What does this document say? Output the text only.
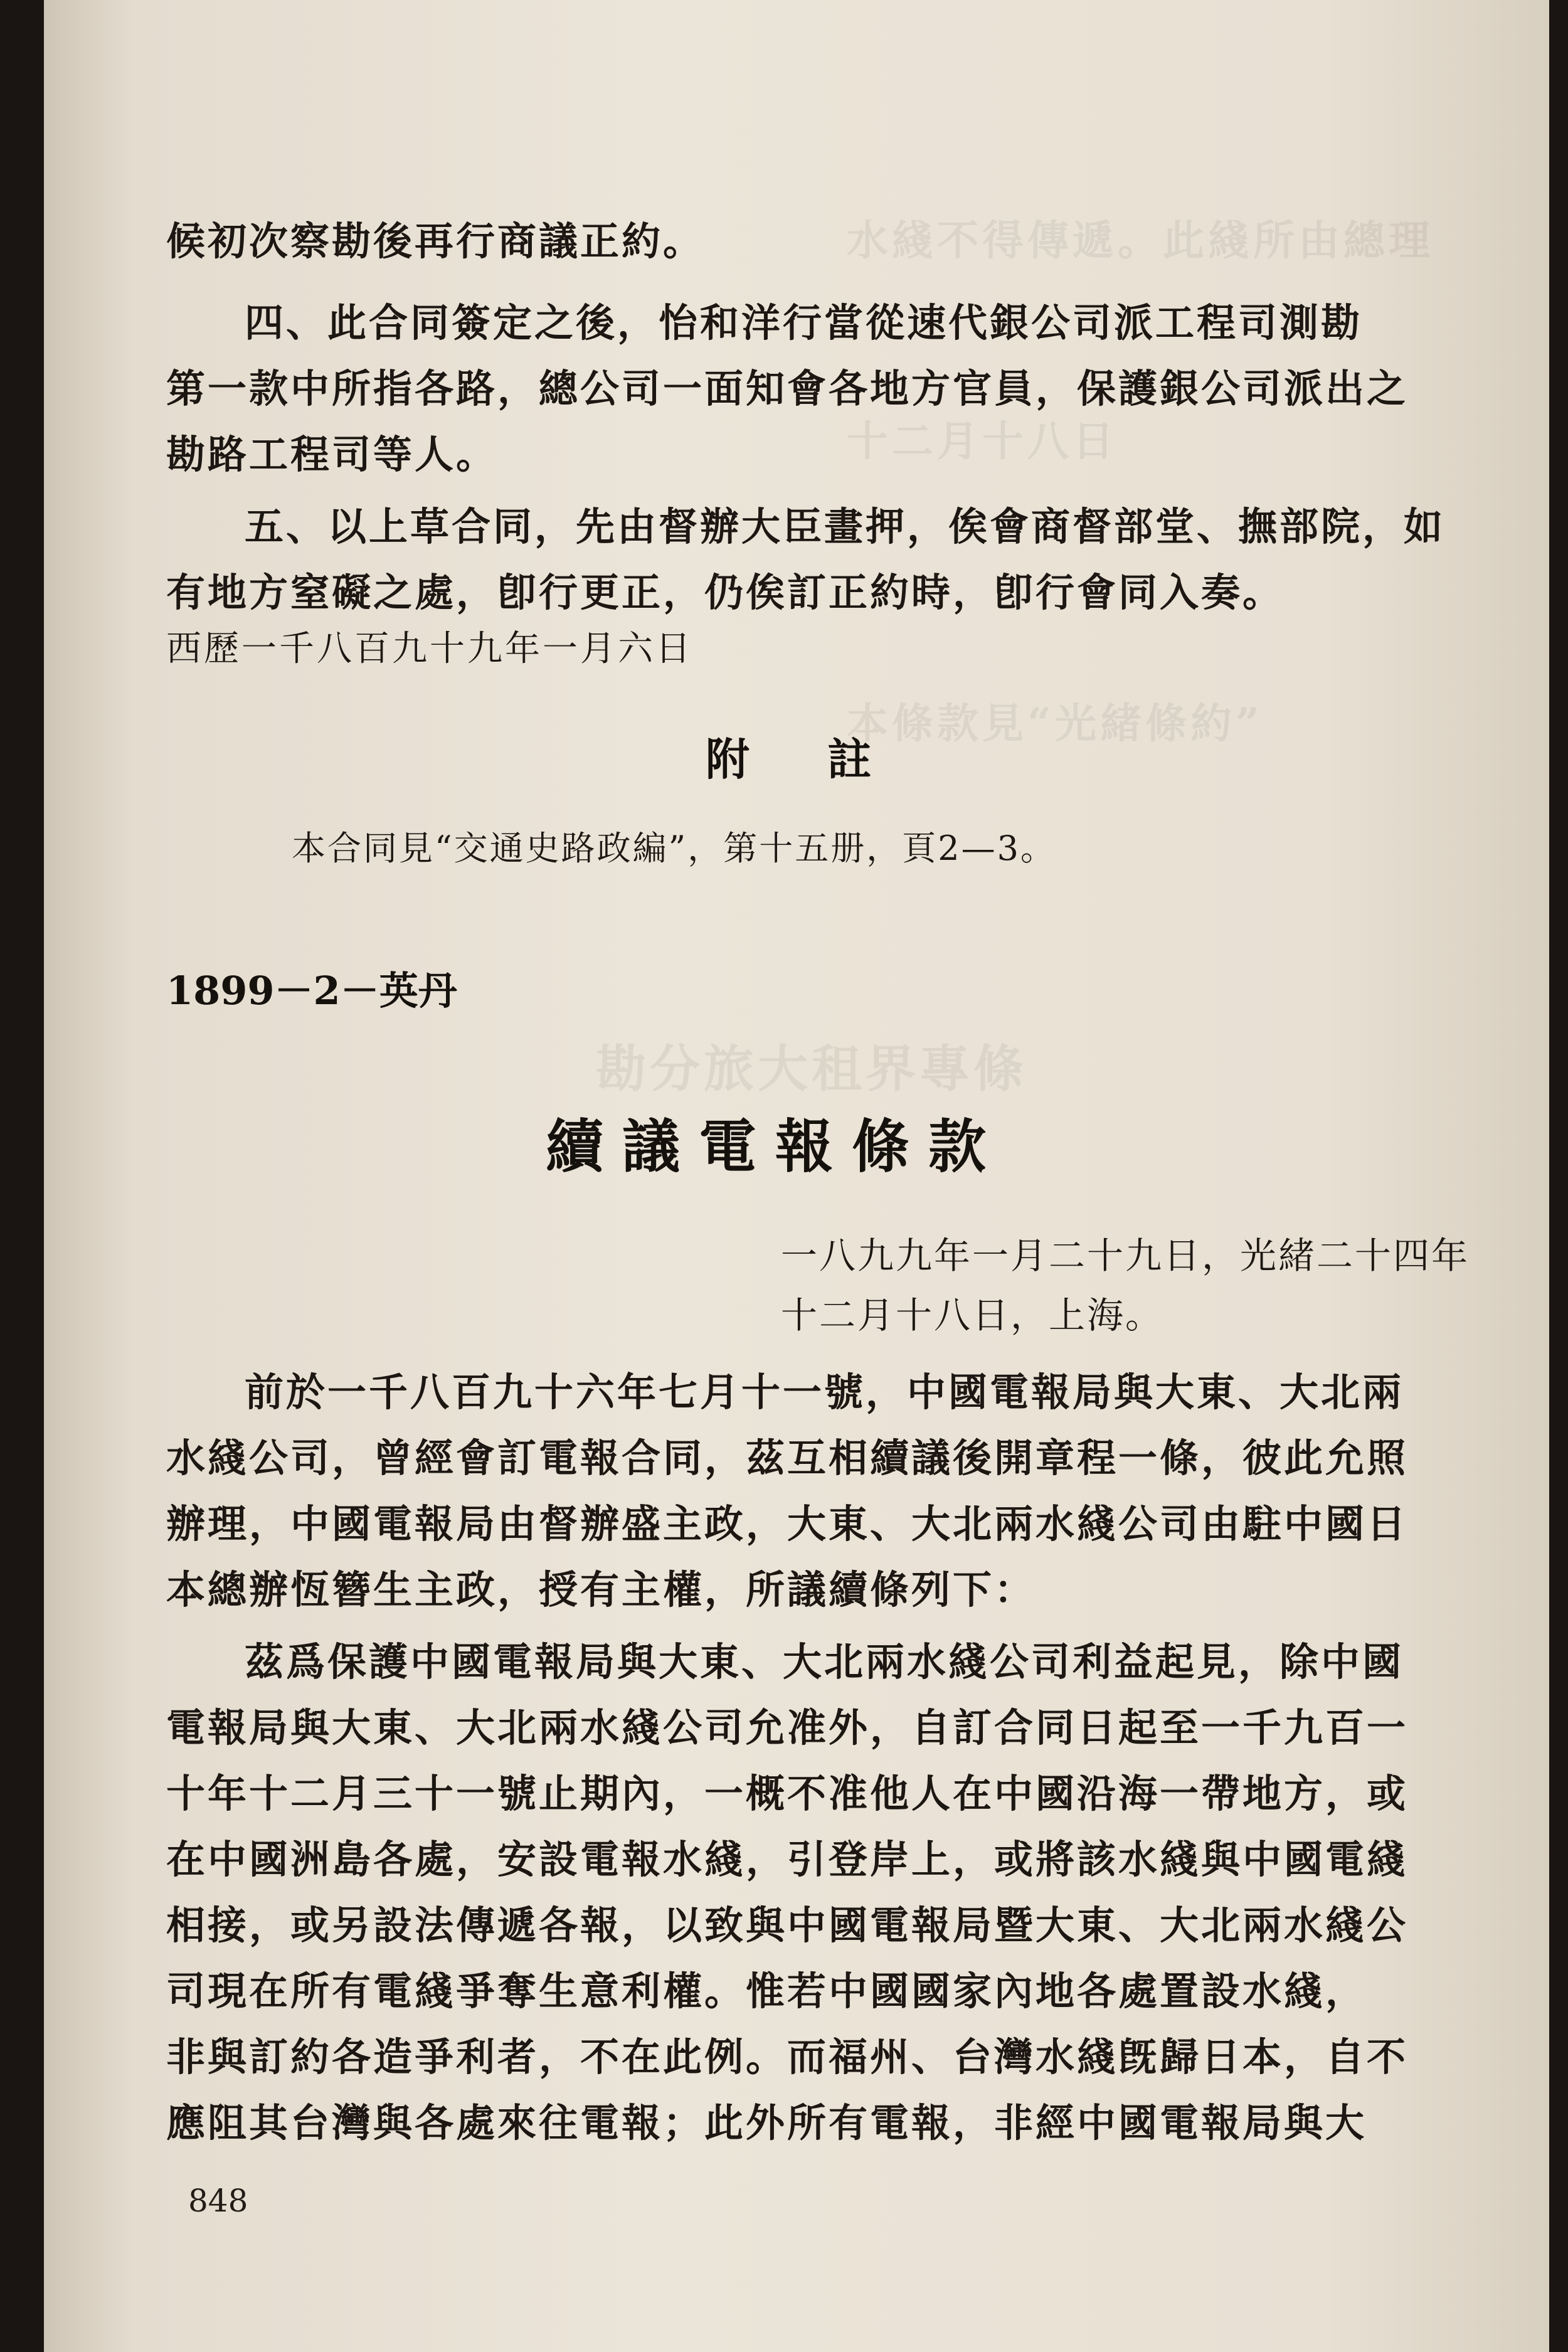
水綫不得傳遞。此綫所由總理
十二月十八日
本條款見“光緒條約”
勘分旅大租界專條
候初次察勘後再行商議正約。
四、此合同簽定之後，怡和洋行當從速代銀公司派工程司測勘
第一款中所指各路，總公司一面知會各地方官員，保護銀公司派出之
勘路工程司等人。
五、以上草合同，先由督辦大臣畫押，俟會商督部堂、撫部院，如
有地方窒礙之處，卽行更正，仍俟訂正約時，卽行會同入奏。
西歷一千八百九十九年一月六日
附 註
本合同見“交通史路政編”，第十五册，頁2—3。
1899－2－英丹
續議電報條款
一八九九年一月二十九日，光緒二十四年
十二月十八日，上海。
前於一千八百九十六年七月十一號，中國電報局與大東、大北兩
水綫公司，曾經會訂電報合同，茲互相續議後開章程一條，彼此允照
辦理，中國電報局由督辦盛主政，大東、大北兩水綫公司由駐中國日
本總辦恆簪生主政，授有主權，所議續條列下：
茲爲保護中國電報局與大東、大北兩水綫公司利益起見，除中國
電報局與大東、大北兩水綫公司允准外，自訂合同日起至一千九百一
十年十二月三十一號止期內，一概不准他人在中國沿海一帶地方，或
在中國洲島各處，安設電報水綫，引登岸上，或將該水綫與中國電綫
相接，或另設法傳遞各報，以致與中國電報局暨大東、大北兩水綫公
司現在所有電綫爭奪生意利權。惟若中國國家內地各處置設水綫，
非與訂約各造爭利者，不在此例。而福州、台灣水綫旣歸日本，自不
應阻其台灣與各處來往電報；此外所有電報，非經中國電報局與大
848
